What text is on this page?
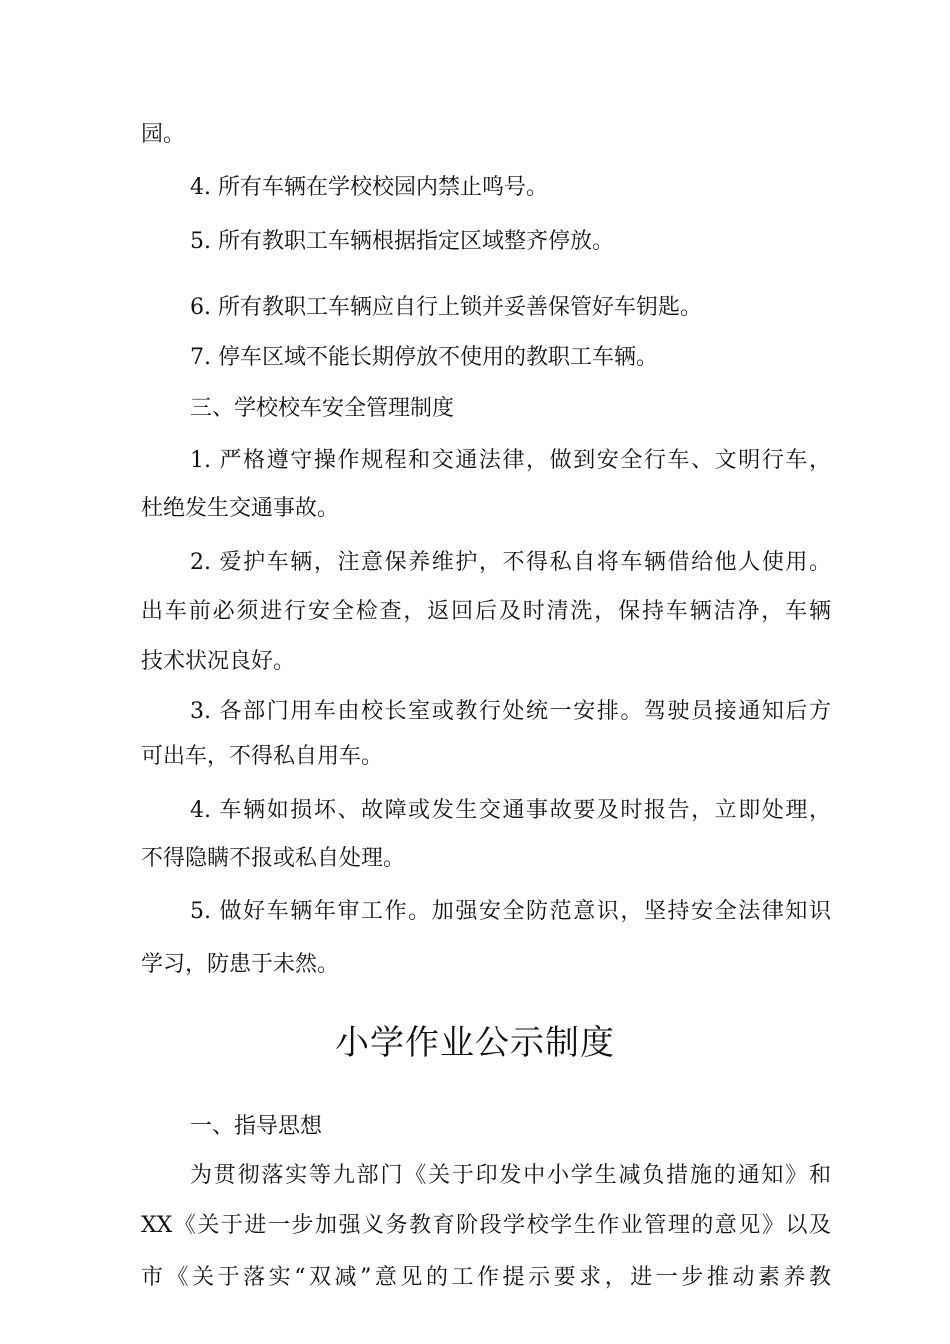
园。
4. 所有车辆在学校校园内禁止鸣号。
5. 所有教职工车辆根据指定区域整齐停放。
6. 所有教职工车辆应自行上锁并妥善保管好车钥匙。
7. 停车区域不能长期停放不使用的教职工车辆。
三、学校校车安全管理制度
1. 严格遵守操作规程和交通法律，做到安全行车、文明行车，
杜绝发生交通事故。
2. 爱护车辆，注意保养维护，不得私自将车辆借给他人使用。
出车前必须进行安全检查，返回后及时清洗，保持车辆洁净，车辆
技术状况良好。
3. 各部门用车由校长室或教行处统一安排。驾驶员接通知后方
可出车，不得私自用车。
4. 车辆如损坏、故障或发生交通事故要及时报告，立即处理，
不得隐瞒不报或私自处理。
5. 做好车辆年审工作。加强安全防范意识，坚持安全法律知识
学习，防患于未然。
小学作业公示制度
一、指导思想
为贯彻落实等九部门《关于印发中小学生减负措施的通知》和
XX《关于进一步加强义务教育阶段学校学生作业管理的意见》以及
市《关于落实“双减”意见的工作提示要求，进一步推动素养教
